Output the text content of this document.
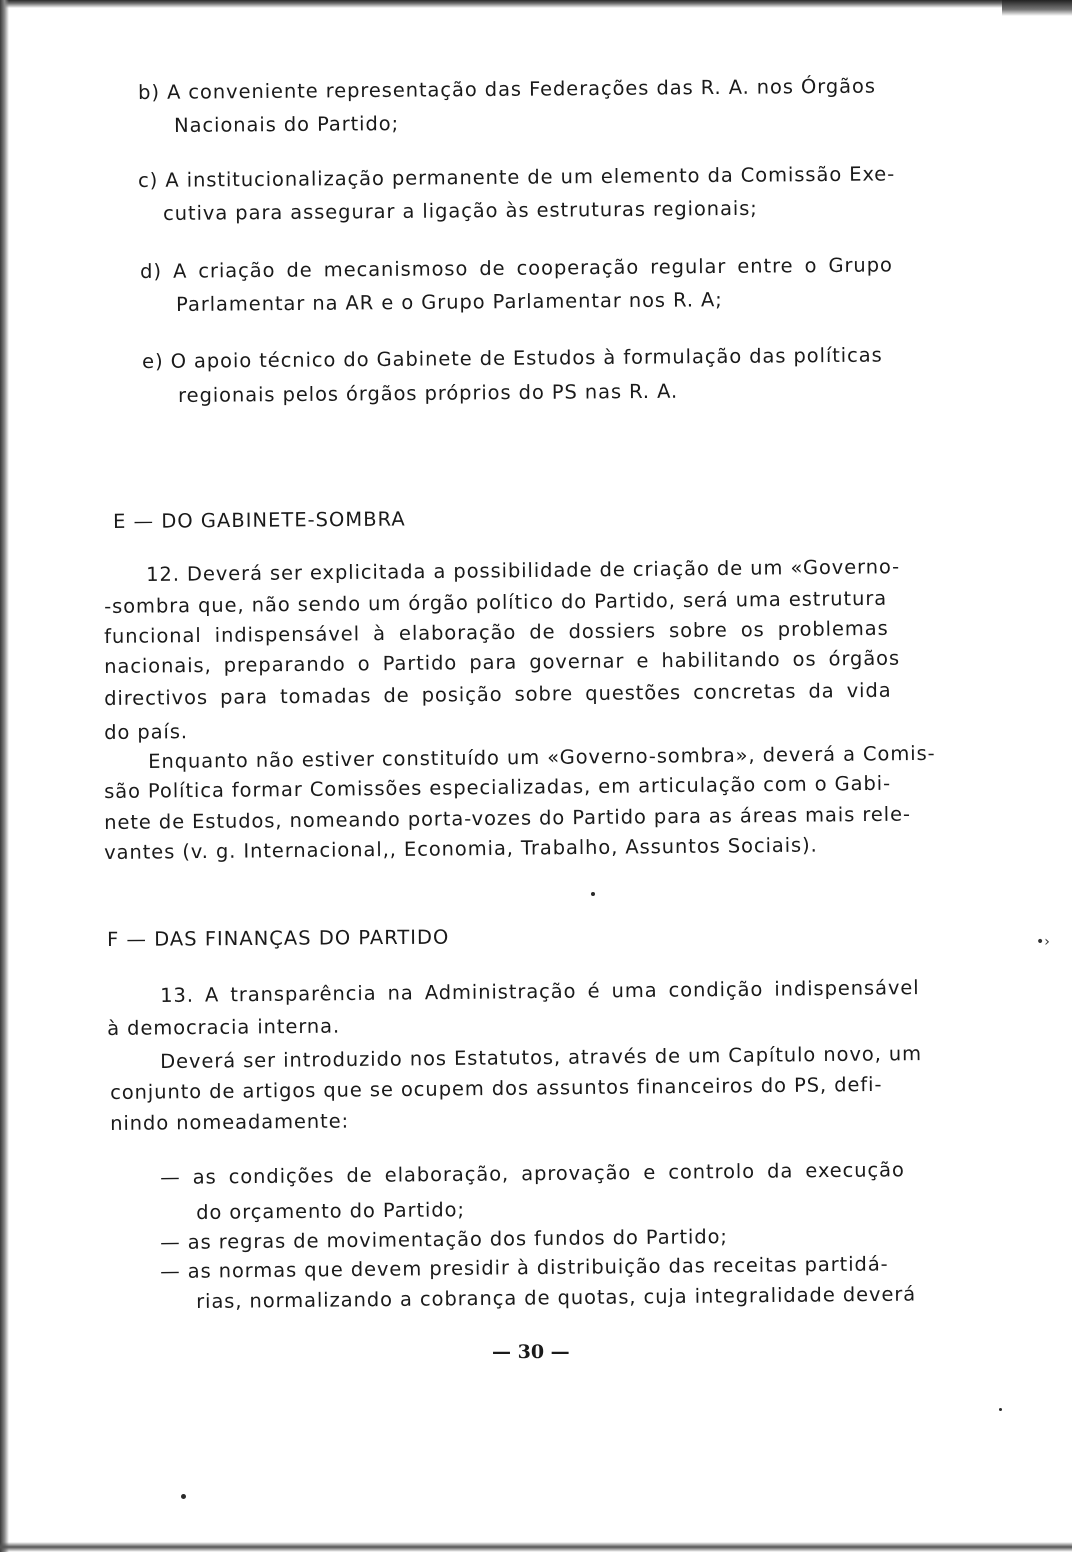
b) A conveniente representação das Federações das R. A. nos Órgãos

Nacionais do Partido;

c) A institucionalização permanente de um elemento da Comissão Exe-

cutiva para assegurar a ligação às estruturas regionais;

d) A criação de mecanismoso de cooperação regular entre o Grupo

Parlamentar na AR e o Grupo Parlamentar nos R. A;

e) O apoio técnico do Gabinete de Estudos à formulação das políticas

regionais pelos órgãos próprios do PS nas R. A.

E — DO GABINETE-SOMBRA

12. Deverá ser explicitada a possibilidade de criação de um «Governo-

-sombra que, não sendo um órgão político do Partido, será uma estrutura

funcional indispensável à elaboração de dossiers sobre os problemas

nacionais, preparando o Partido para governar e habilitando os órgãos

directivos para tomadas de posição sobre questões concretas da vida

do país.

Enquanto não estiver constituído um «Governo-sombra», deverá a Comis-

são Política formar Comissões especializadas, em articulação com o Gabi-

nete de Estudos, nomeando porta-vozes do Partido para as áreas mais rele-

vantes (v. g. Internacional,, Economia, Trabalho, Assuntos Sociais).

F — DAS FINANÇAS DO PARTIDO	•›

13. A transparência na Administração é uma condição indispensável

à democracia interna.

Deverá ser introduzido nos Estatutos, através de um Capítulo novo, um

conjunto de artigos que se ocupem dos assuntos financeiros do PS, defi-

nindo nomeadamente:

— as condições de elaboração, aprovação e controlo da execução

do orçamento do Partido;

— as regras de movimentação dos fundos do Partido;

— as normas que devem presidir à distribuição das receitas partidá-

rias, normalizando a cobrança de quotas, cuja integralidade deverá

— 30 —
